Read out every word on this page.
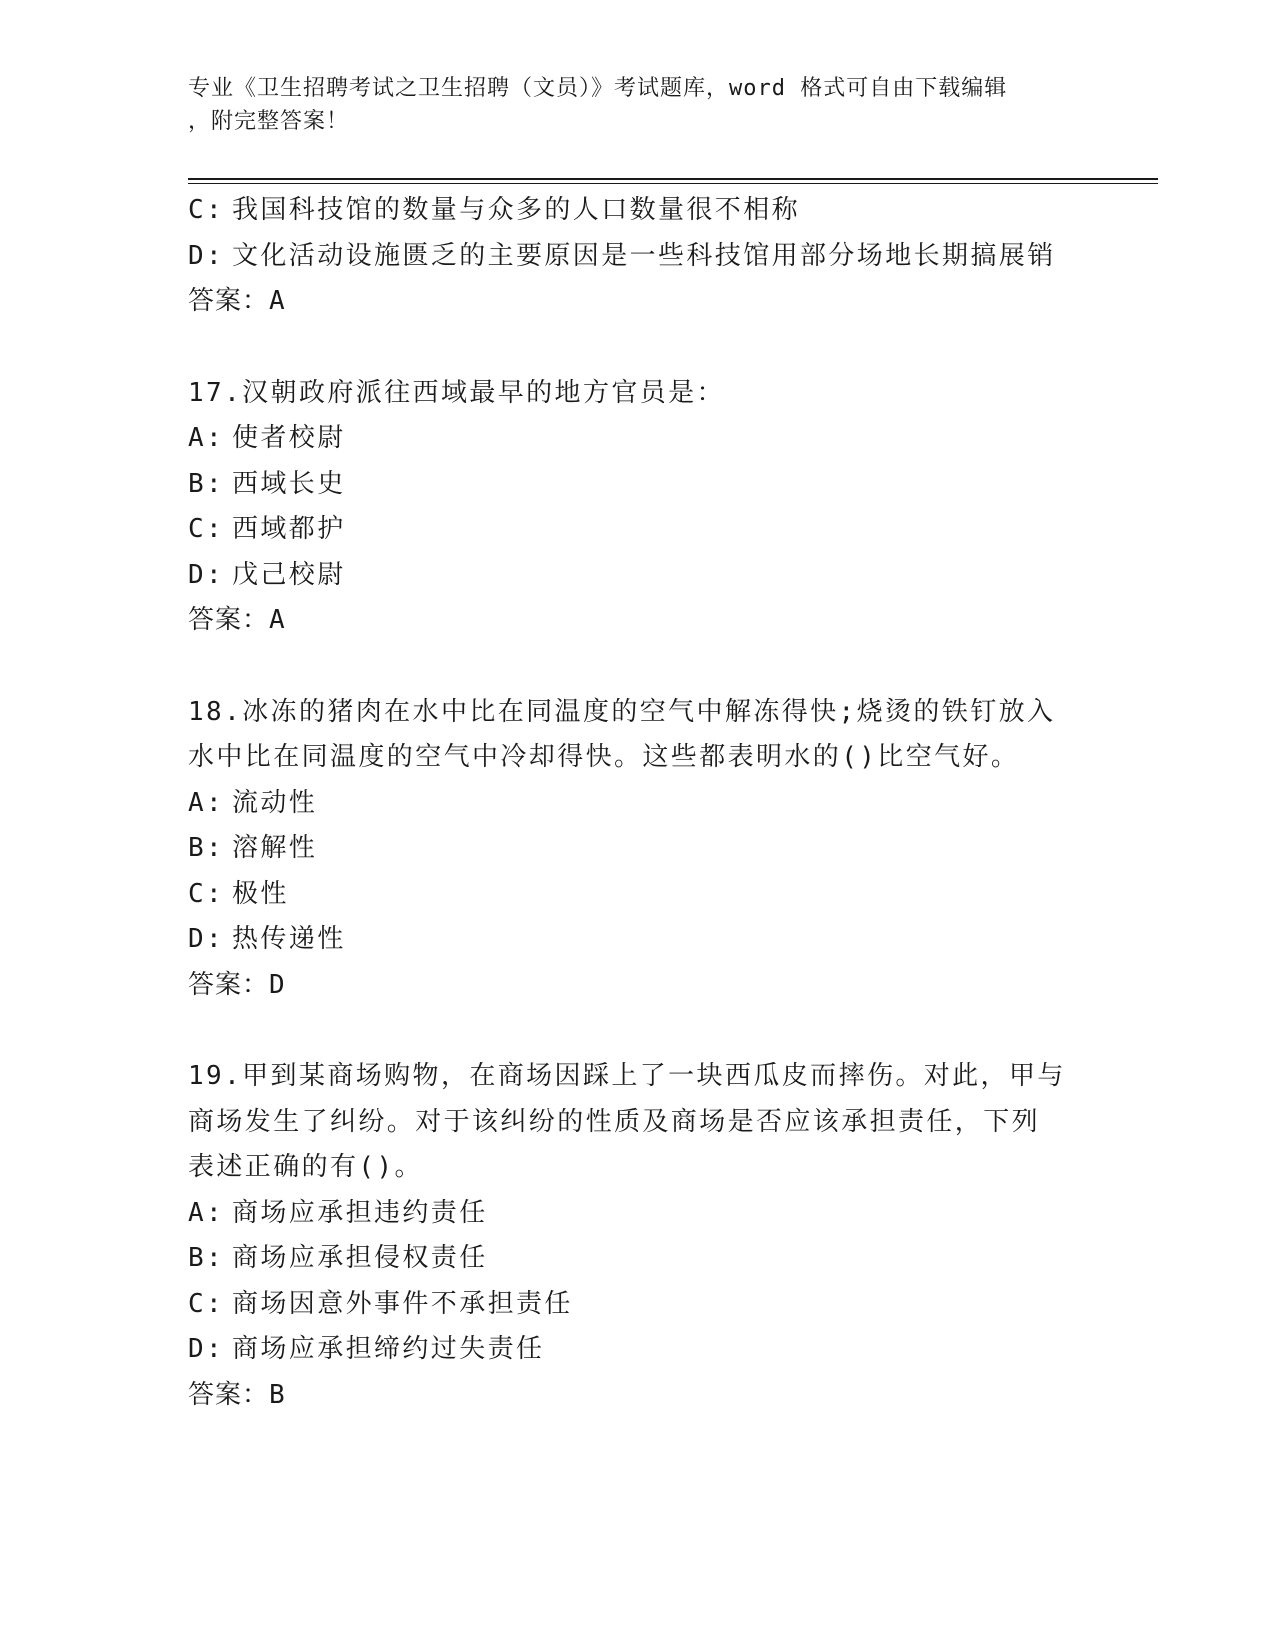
专业《卫生招聘考试之卫生招聘（文员）》考试题库，word 格式可自由下载编辑
，附完整答案！
C: 我国科技馆的数量与众多的人口数量很不相称
D: 文化活动设施匮乏的主要原因是一些科技馆用部分场地长期搞展销
答案：A
17.汉朝政府派往西域最早的地方官员是：
A: 使者校尉
B: 西域长史
C: 西域都护
D: 戊己校尉
答案：A
18.冰冻的猪肉在水中比在同温度的空气中解冻得快;烧烫的铁钉放入
水中比在同温度的空气中冷却得快。这些都表明水的()比空气好。
A: 流动性
B: 溶解性
C: 极性
D: 热传递性
答案：D
19.甲到某商场购物，在商场因踩上了一块西瓜皮而摔伤。对此，甲与
商场发生了纠纷。对于该纠纷的性质及商场是否应该承担责任，下列
表述正确的有()。
A: 商场应承担违约责任
B: 商场应承担侵权责任
C: 商场因意外事件不承担责任
D: 商场应承担缔约过失责任
答案：B
